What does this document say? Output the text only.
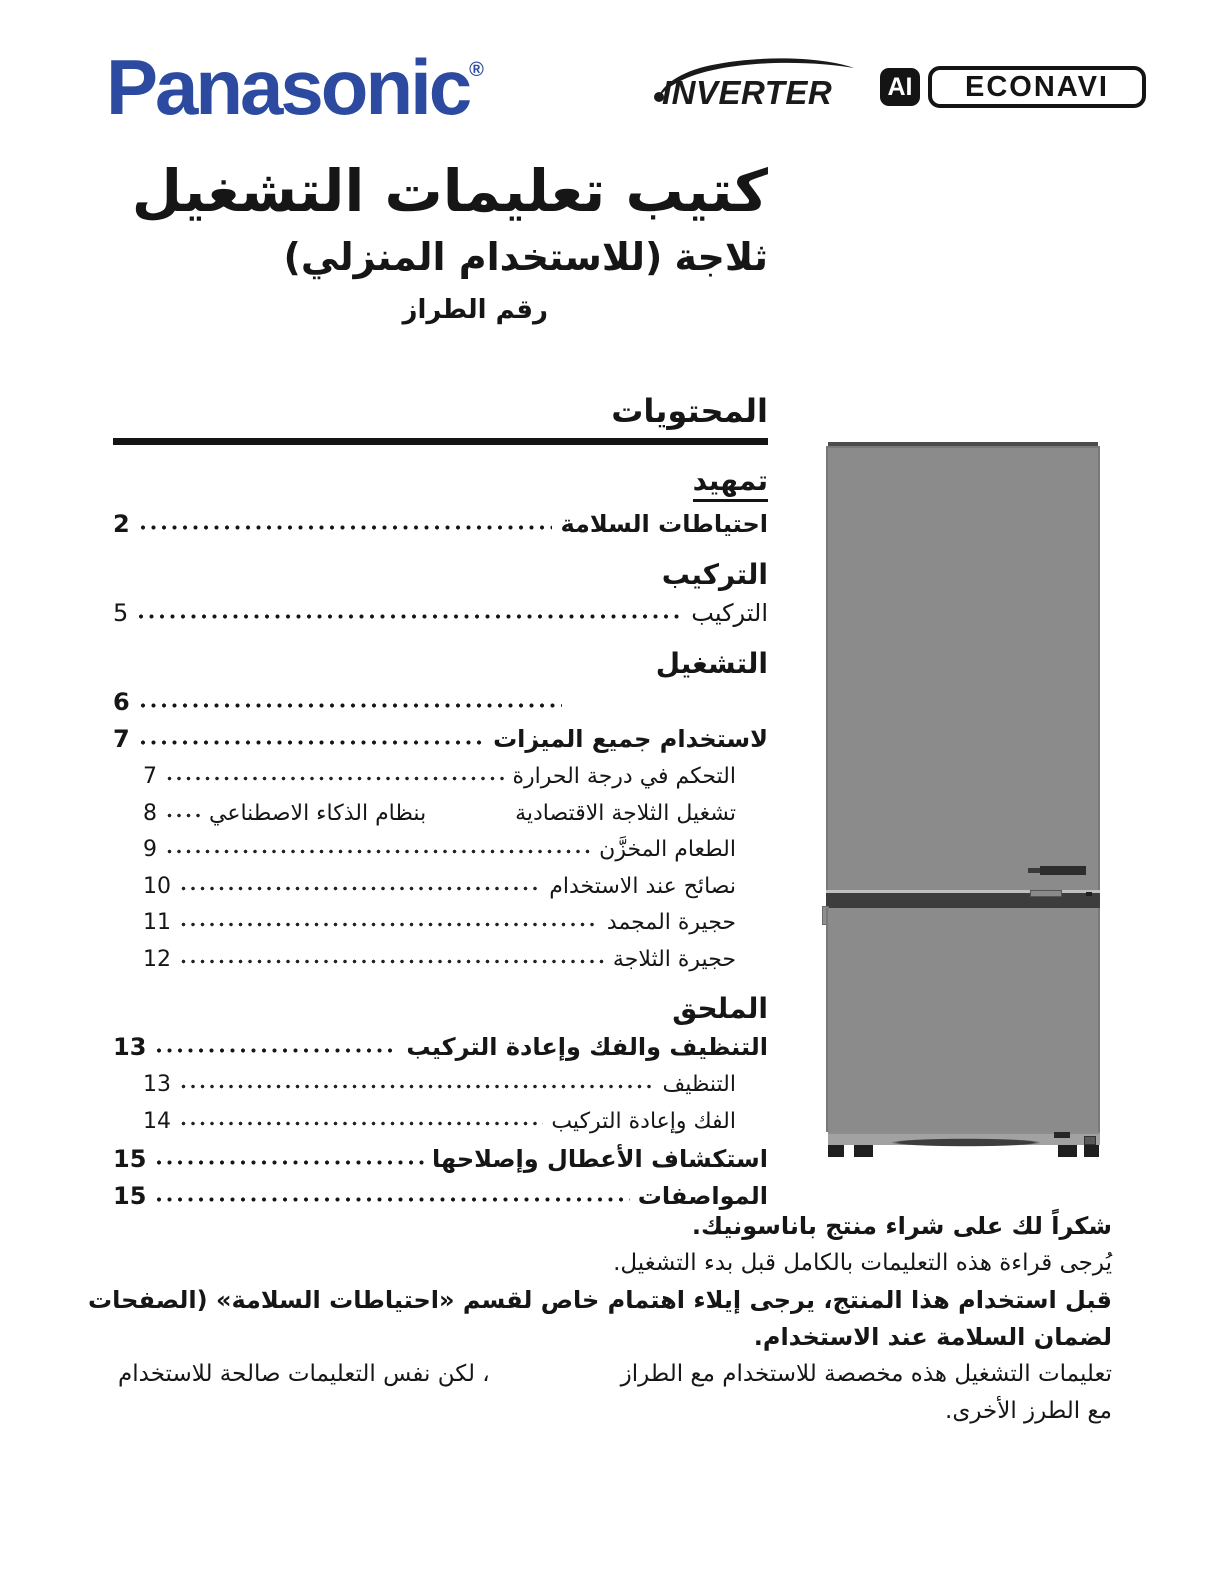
Panasonic®
INVERTER AI ECONAVI
كتيب تعليمات التشغيل
ثلاجة (للاستخدام المنزلي)
رقم الطراز
المحتويات
تمهيد
احتياطات السلامة
2
التركيب
التركيب
5
التشغيل
6
لاستخدام جميع الميزات
7
التحكم في درجة الحرارة
7
تشغيل الثلاجة الاقتصادية
بنظام الذكاء الاصطناعي
8
الطعام المخزَّن
9
نصائح عند الاستخدام
10
حجيرة المجمد
11
حجيرة الثلاجة
12
الملحق
التنظيف والفك وإعادة التركيب
13
التنظيف
13
الفك وإعادة التركيب
14
استكشاف الأعطال وإصلاحها
15
المواصفات
15
شكراً لك على شراء منتج باناسونيك.
يُرجى قراءة هذه التعليمات بالكامل قبل بدء التشغيل.
قبل استخدام هذا المنتج، يرجى إيلاء اهتمام خاص لقسم «احتياطات السلامة» (الصفحات
لضمان السلامة عند الاستخدام.
تعليمات التشغيل هذه مخصصة للاستخدام مع الطراز
، لكن نفس التعليمات صالحة للاستخدام
مع الطرز الأخرى.
